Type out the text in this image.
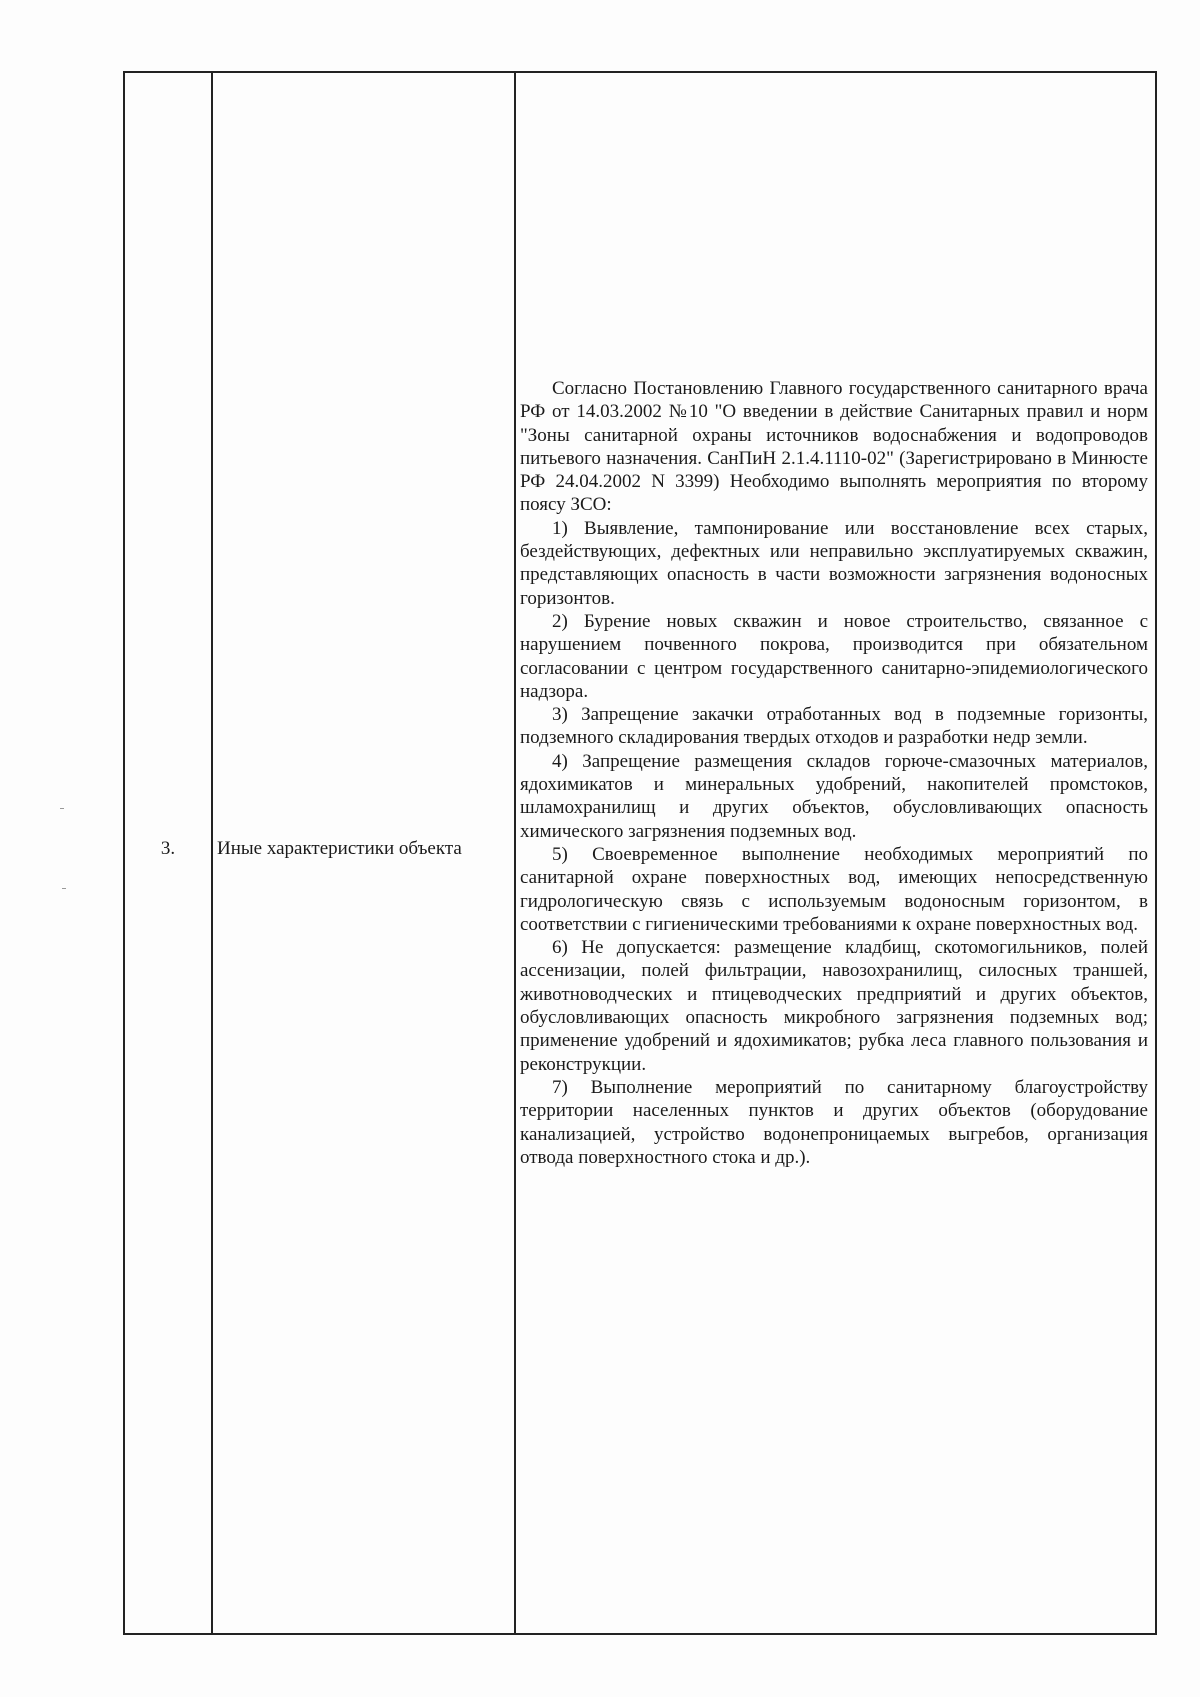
3.	Иные характеристики объекта

Согласно Постановлению Главного государственного санитарного врача РФ от 14.03.2002 №10 "О введении в действие Санитарных правил и норм "Зоны санитарной охраны источников водоснабжения и водопроводов питьевого назначения. СанПиН 2.1.4.1110-02" (Зарегистрировано в Минюсте РФ 24.04.2002 N 3399) Необходимо выполнять мероприятия по второму поясу ЗСО:

1) Выявление, тампонирование или восстановление всех старых, бездействующих, дефектных или неправильно эксплуатируемых скважин, представляющих опасность в части возможности загрязнения водоносных горизонтов.

2) Бурение новых скважин и новое строительство, связанное с нарушением почвенного покрова, производится при обязательном согласовании с центром государственного санитарно-эпидемиологического надзора.

3) Запрещение закачки отработанных вод в подземные горизонты, подземного складирования твердых отходов и разработки недр земли.

4) Запрещение размещения складов горюче-смазочных материалов, ядохимикатов и минеральных удобрений, накопителей промстоков, шламохранилищ и других объектов, обусловливающих опасность химического загрязнения подземных вод.

5) Своевременное выполнение необходимых мероприятий по санитарной охране поверхностных вод, имеющих непосредственную гидрологическую связь с используемым водоносным горизонтом, в соответствии с гигиеническими требованиями к охране поверхностных вод.

6) Не допускается: размещение кладбищ, скотомогильников, полей ассенизации, полей фильтрации, навозохранилищ, силосных траншей, животноводческих и птицеводческих предприятий и других объектов, обусловливающих опасность микробного загрязнения подземных вод; применение удобрений и ядохимикатов; рубка леса главного пользования и реконструкции.

7) Выполнение мероприятий по санитарному благоустройству территории населенных пунктов и других объектов (оборудование канализацией, устройство водонепроницаемых выгребов, организация отвода поверхностного стока и др.).
